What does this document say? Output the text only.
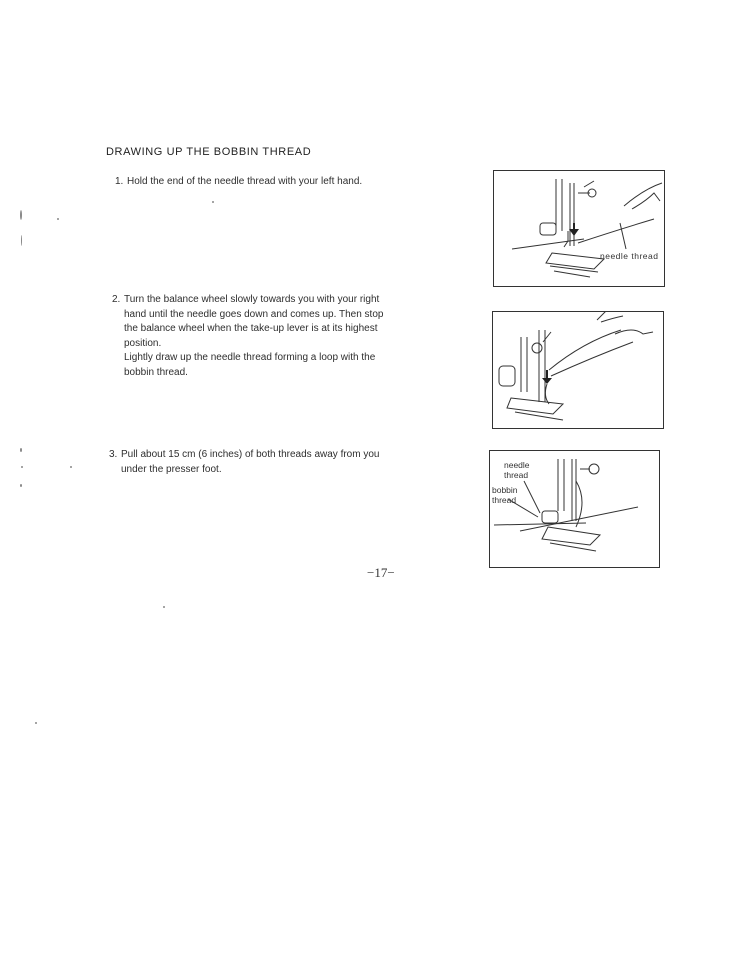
DRAWING UP THE BOBBIN THREAD
1. Hold the end of the needle thread with your left hand.

2. Turn the balance wheel slowly towards you with your right

hand until the needle goes down and comes up. Then stop

the balance wheel when the take-up lever is at its highest

position.

Lightly draw up the needle thread forming a loop with the

bobbin thread.

3. Pull about 15 cm (6 inches) of both threads away from you

under the presser foot.

needle thread
needle
thread
bobbin
thread
−17−
